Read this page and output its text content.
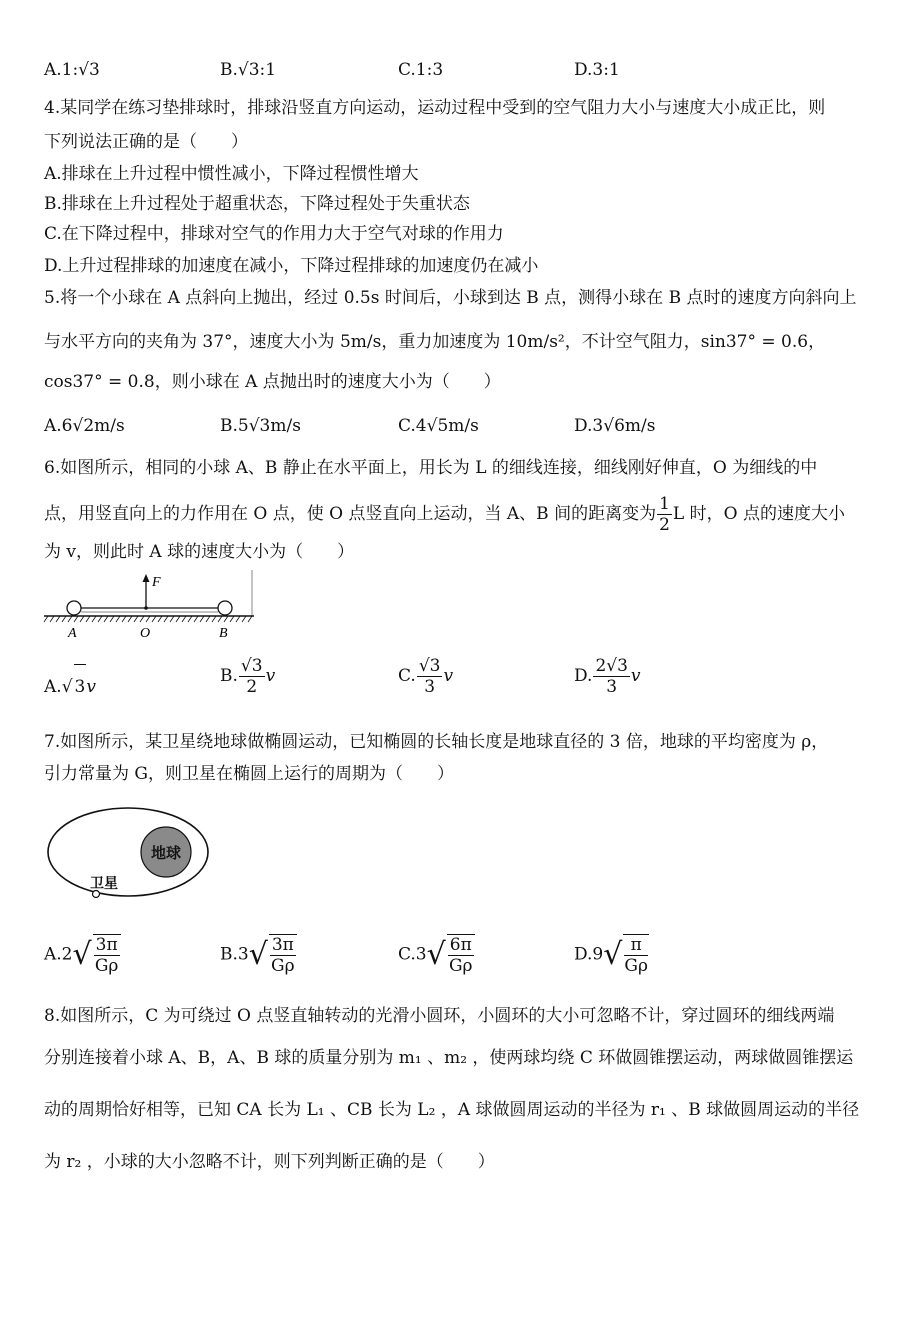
A.1:√3	B.√3:1	C.1:3	D.3:1
4.某同学在练习垫排球时，排球沿竖直方向运动，运动过程中受到的空气阻力大小与速度大小成正比，则
下列说法正确的是（　　）
A.排球在上升过程中惯性减小，下降过程惯性增大
B.排球在上升过程处于超重状态，下降过程处于失重状态
C.在下降过程中，排球对空气的作用力大于空气对球的作用力
D.上升过程排球的加速度在减小，下降过程排球的加速度仍在减小
5.将一个小球在 A 点斜向上抛出，经过 0.5s 时间后，小球到达 B 点，测得小球在 B 点时的速度方向斜向上
与水平方向的夹角为 37°，速度大小为 5m/s，重力加速度为 10m/s²，不计空气阻力，sin37° = 0.6，
cos37° = 0.8，则小球在 A 点抛出时的速度大小为（　　）
A.6√2m/s	B.5√3m/s	C.4√5m/s	D.3√6m/s
6.如图所示，相同的小球 A、B 静止在水平面上，用长为 L 的细线连接，细线刚好伸直，O 为细线的中
点，用竖直向上的力作用在 O 点，使 O 点竖直向上运动，当 A、B 间的距离变为 $\frac{1}{2}$ L 时，O 点的速度大小
为 v，则此时 A 球的速度大小为（　　）
F
A	O	B
A.√ 3v
B. $\frac{√3}{2}$ v	C. $\frac{√3}{3}$ v	D. $\frac{2√3}{3}$ v
7.如图所示，某卫星绕地球做椭圆运动，已知椭圆的长轴长度是地球直径的 3 倍，地球的平均密度为 ρ，
引力常量为 G，则卫星在椭圆上运行的周期为（　　）
地球
卫星
$A.2√ \frac{3\pi}{G\rho}$	$B.3√ \frac{3\pi}{G\rho}$	$C.3√ \frac{6\pi}{G\rho}$	$D.9√ \frac{\pi}{G\rho}$
8.如图所示，C 为可绕过 O 点竖直轴转动的光滑小圆环，小圆环的大小可忽略不计，穿过圆环的细线两端
分别连接着小球 A、B，A、B 球的质量分别为 m₁ 、m₂ ，使两球均绕 C 环做圆锥摆运动，两球做圆锥摆运
动的周期恰好相等，已知 CA 长为 L₁ 、CB 长为 L₂ ，A 球做圆周运动的半径为 r₁ 、B 球做圆周运动的半径
为 r₂ ，小球的大小忽略不计，则下列判断正确的是（　　）
